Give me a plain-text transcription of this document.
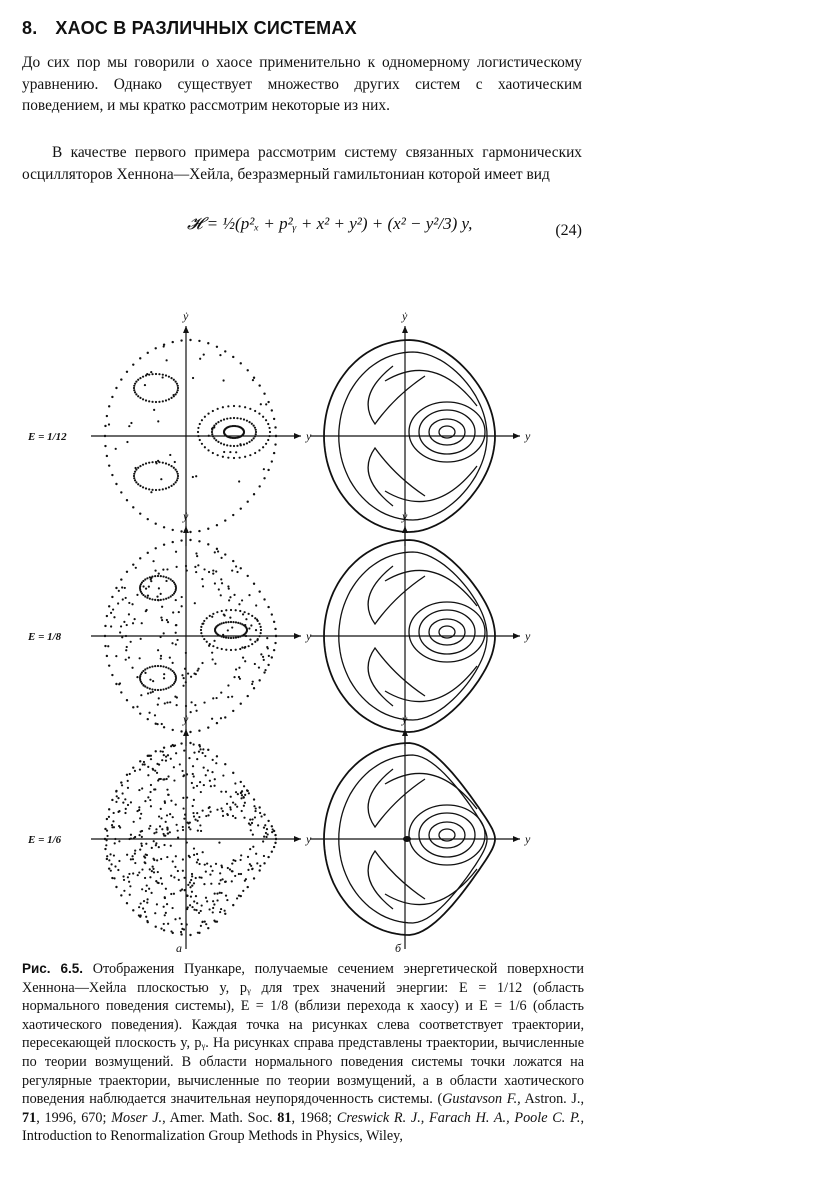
8. ХАОС В РАЗЛИЧНЫХ СИСТЕМАХ
До сих пор мы говорили о хаосе применительно к одномерному логистическому уравнению. Однако существует множество других систем с хаотическим поведением, и мы кратко рассмотрим некоторые из них.
В качестве первого примера рассмотрим систему связанных гармонических осцилляторов Хеннона—Хейла, безразмерный гамильтониан которой имеет вид
𝓗 = ½(p²ₓ + p²ᵧ + x² + y²) + (x² − y²/3) y,	(24)
E = 1/12
ẏ
y
ẏ
y
E = 1/8
ẏ
y
ẏ
y
E = 1/6
ẏ
y
ẏ
y
а	б
Рис. 6.5. Отображения Пуанкаре, получаемые сечением энергетической поверхности Хеннона—Хейла плоскостью y, pᵧ для трех значений энергии: E = 1/12 (область нормального поведения системы), E = 1/8 (вблизи перехода к хаосу) и E = 1/6 (область хаотического поведения). Каждая точка на рисунках слева соответствует траектории, пересекающей плоскость y, pᵧ. На рисунках справа представлены траектории, вычисленные по теории возмущений. В области нормального поведения системы точки ложатся на регулярные траектории, вычисленные по теории возмущений, а в области хаотического поведения наблюдается значительная неупорядоченность системы. (Gustavson F., Astron. J., 71, 1996, 670; Moser J., Amer. Math. Soc. 81, 1968; Creswick R. J., Farach H. A., Poole C. P., Introduction to Renormalization Group Methods in Physics, Wiley,
